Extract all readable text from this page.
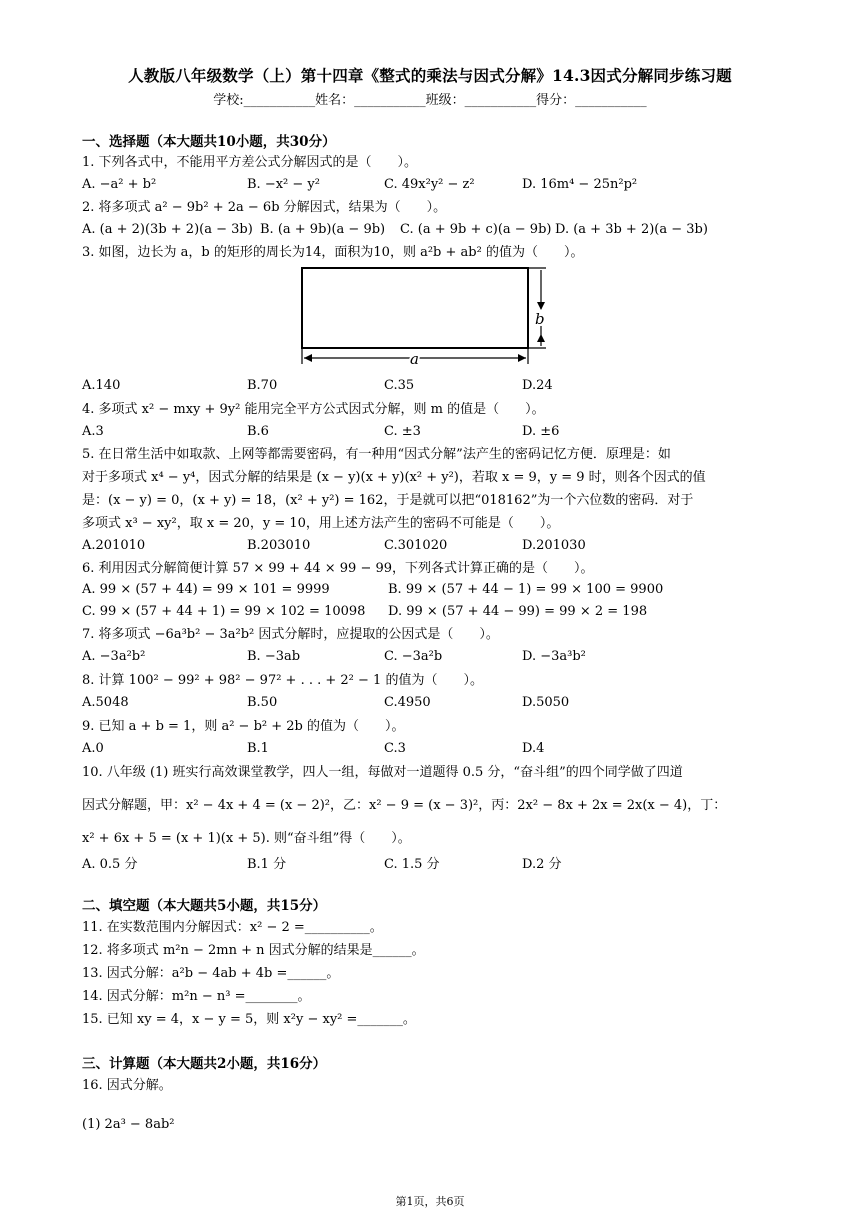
人教版八年级数学（上）第十四章《整式的乘法与因式分解》14.3因式分解同步练习题
学校:___________姓名：___________班级：___________得分：___________
一、选择题（本大题共10小题，共30分）
1. 下列各式中，不能用平方差公式分解因式的是（　　）。
A. −a² + b²	B. −x² − y²	C. 49x²y² − z²	D. 16m⁴ − 25n²p²
2. 将多项式 a² − 9b² + 2a − 6b 分解因式，结果为（　　）。
A. (a + 2)(3b + 2)(a − 3b) B. (a + 9b)(a − 9b) C. (a + 9b + c)(a − 9b) D. (a + 3b + 2)(a − 3b)
3. 如图，边长为 a，b 的矩形的周长为14，面积为10，则 a²b + ab² 的值为（　　）。
b
a
A.140	B.70	C.35	D.24
4. 多项式 x² − mxy + 9y² 能用完全平方公式因式分解，则 m 的值是（　　）。
A.3	B.6	C. ±3	D. ±6
5. 在日常生活中如取款、上网等都需要密码，有一种用“因式分解”法产生的密码记忆方便．原理是：如
对于多项式 x⁴ − y⁴，因式分解的结果是 (x − y)(x + y)(x² + y²)，若取 x = 9，y = 9 时，则各个因式的值
是：(x − y) = 0，(x + y) = 18，(x² + y²) = 162，于是就可以把“018162”为一个六位数的密码．对于
多项式 x³ − xy²，取 x = 20，y = 10，用上述方法产生的密码不可能是（　　）。
A.201010	B.203010	C.301020	D.201030
6. 利用因式分解简便计算 57 × 99 + 44 × 99 − 99，下列各式计算正确的是（　　）。
A. 99 × (57 + 44) = 99 × 101 = 9999	B. 99 × (57 + 44 − 1) = 99 × 100 = 9900
C. 99 × (57 + 44 + 1) = 99 × 102 = 10098 D. 99 × (57 + 44 − 99) = 99 × 2 = 198
7. 将多项式 −6a³b² − 3a²b² 因式分解时，应提取的公因式是（　　）。
A. −3a²b²	B. −3ab	C. −3a²b	D. −3a³b²
8. 计算 100² − 99² + 98² − 97² + . . . + 2² − 1 的值为（　　）。
A.5048	B.50	C.4950	D.5050
9. 已知 a + b = 1，则 a² − b² + 2b 的值为（　　）。
A.0	B.1	C.3	D.4
10. 八年级 (1) 班实行高效课堂教学，四人一组，每做对一道题得 0.5 分，“奋斗组”的四个同学做了四道
因式分解题，甲：x² − 4x + 4 = (x − 2)²，乙：x² − 9 = (x − 3)²，丙：2x² − 8x + 2x = 2x(x − 4)，丁：
x² + 6x + 5 = (x + 1)(x + 5). 则“奋斗组”得（　　）。
A. 0.5 分	B.1 分	C. 1.5 分	D.2 分
二、填空题（本大题共5小题，共15分）
11. 在实数范围内分解因式：x² − 2 =__________。
12. 将多项式 m²n − 2mn + n 因式分解的结果是______。
13. 因式分解：a²b − 4ab + 4b =______。
14. 因式分解：m²n − n³ =________。
15. 已知 xy = 4，x − y = 5，则 x²y − xy² =_______。
三、计算题（本大题共2小题，共16分）
16. 因式分解。
(1) 2a³ − 8ab²
第1页，共6页
